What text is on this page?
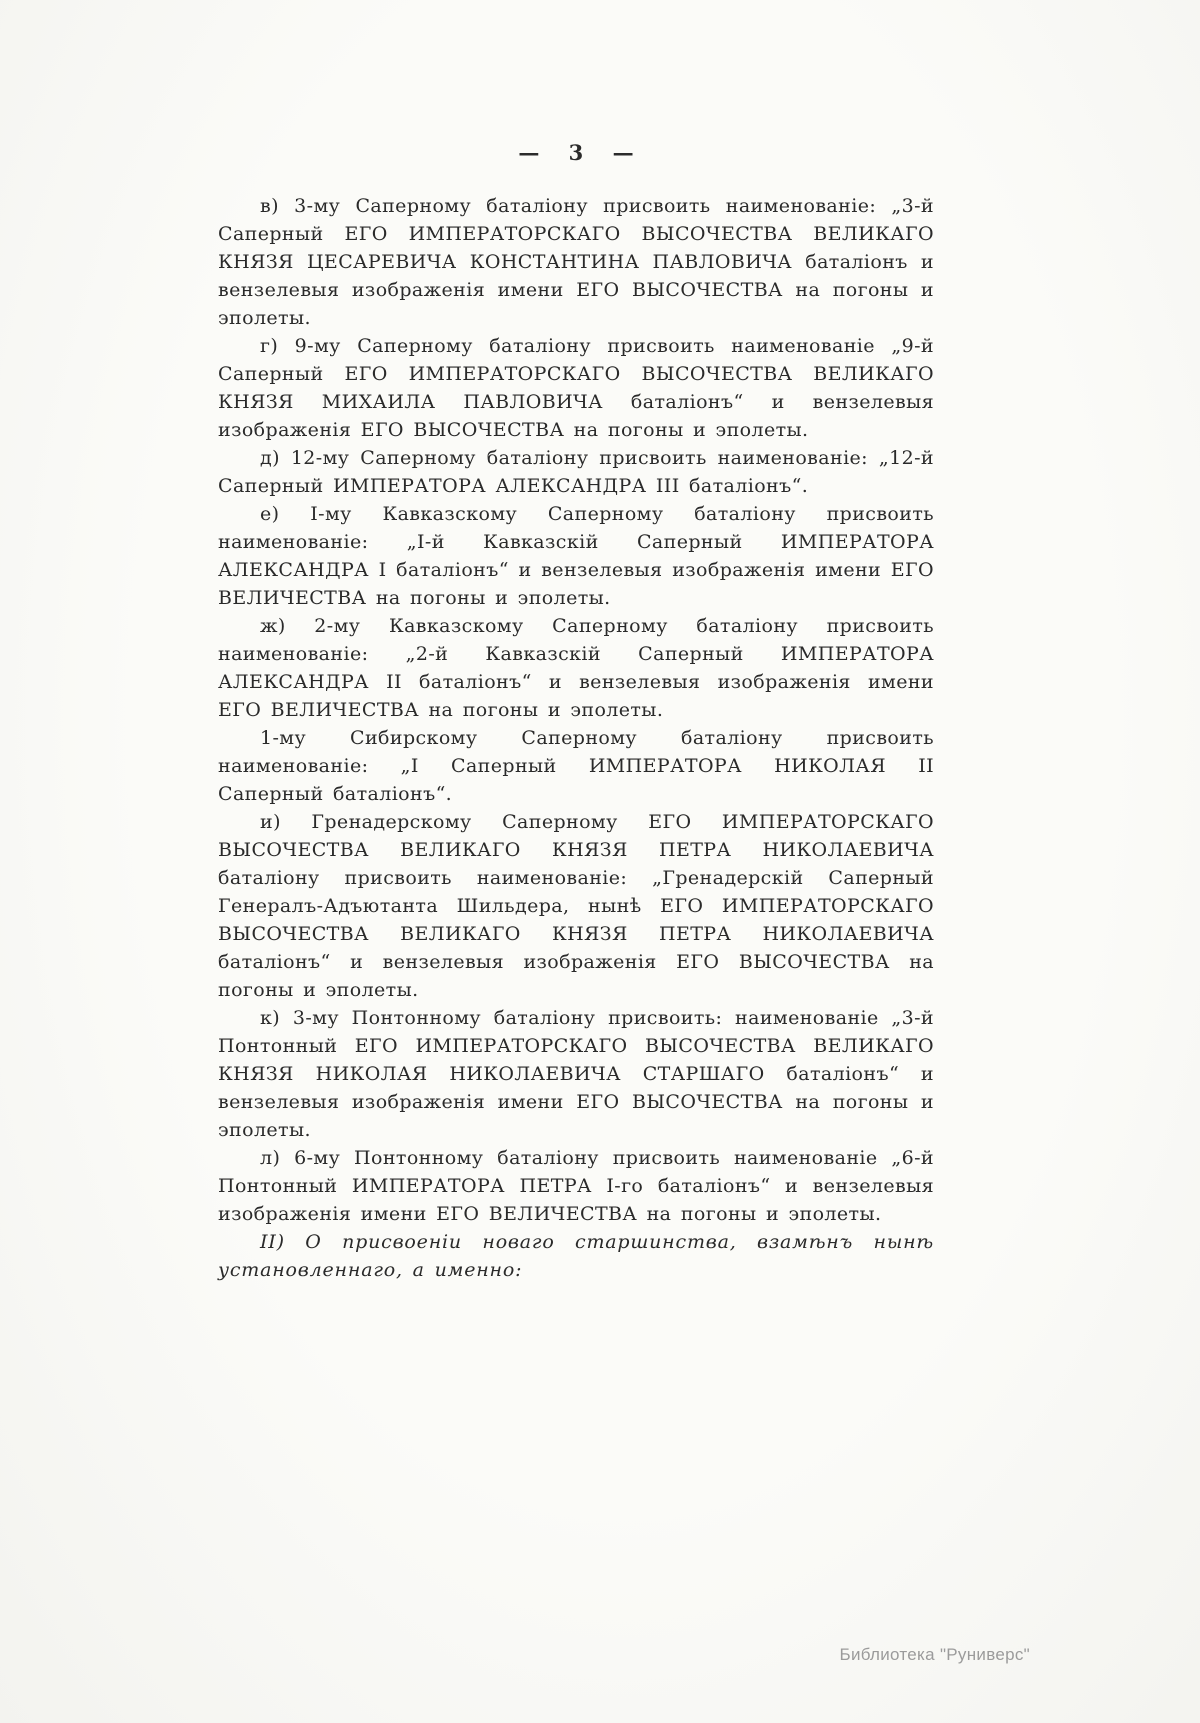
— 3 —

в) 3-му Саперному баталіону присвоить наименованіе: „3-й Саперный ЕГО ИМПЕРАТОРСКАГО ВЫСОЧЕСТВА ВЕЛИКАГО КНЯЗЯ ЦЕСАРЕВИЧА КОНСТАНТИНА ПАВЛОВИЧА баталіонъ и вензелевыя изображенія имени ЕГО ВЫСОЧЕСТВА на погоны и эполеты.

г) 9-му Саперному баталіону присвоить наименованіе „9-й Саперный ЕГО ИМПЕРАТОРСКАГО ВЫСОЧЕСТВА ВЕЛИКАГО КНЯЗЯ МИХАИЛА ПАВЛОВИЧА баталіонъ“ и вензелевыя изображенія ЕГО ВЫСОЧЕСТВА на погоны и эполеты.

д) 12-му Саперному баталіону присвоить наименованіе: „12-й Саперный ИМПЕРАТОРА АЛЕКСАНДРА III баталіонъ“.

е) I-му Кавказскому Саперному баталіону присвоить наименованіе: „I-й Кавказскій Саперный ИМПЕРАТОРА АЛЕКСАНДРА I баталіонъ“ и вензелевыя изображенія имени ЕГО ВЕЛИЧЕСТВА на погоны и эполеты.

ж) 2-му Кавказскому Саперному баталіону присвоить наименованіе: „2-й Кавказскій Саперный ИМПЕРАТОРА АЛЕКСАНДРА II баталіонъ“ и вензелевыя изображенія имени ЕГО ВЕЛИЧЕСТВА на погоны и эполеты.

1-му Сибирскому Саперному баталіону присвоить наименованіе: „I Саперный ИМПЕРАТОРА НИКОЛАЯ II Саперный баталіонъ“.

и) Гренадерскому Саперному ЕГО ИМПЕРАТОРСКАГО ВЫСОЧЕСТВА ВЕЛИКАГО КНЯЗЯ ПЕТРА НИКОЛАЕВИЧА баталіону присвоить наименованіе: „Гренадерскій Саперный Генералъ-Адъютанта Шильдера, нынѣ ЕГО ИМПЕРАТОРСКАГО ВЫСОЧЕСТВА ВЕЛИКАГО КНЯЗЯ ПЕТРА НИКОЛАЕВИЧА баталіонъ“ и вензелевыя изображенія ЕГО ВЫСОЧЕСТВА на погоны и эполеты.

к) 3-му Понтонному баталіону присвоить: наименованіе „3-й Понтонный ЕГО ИМПЕРАТОРСКАГО ВЫСОЧЕСТВА ВЕЛИКАГО КНЯЗЯ НИКОЛАЯ НИКОЛАЕВИЧА СТАРШАГО баталіонъ“ и вензелевыя изображенія имени ЕГО ВЫСОЧЕСТВА на погоны и эполеты.

л) 6-му Понтонному баталіону присвоить наименованіе „6-й Понтонный ИМПЕРАТОРА ПЕТРА I-го баталіонъ“ и вензелевыя изображенія имени ЕГО ВЕЛИЧЕСТВА на погоны и эполеты.

II) О присвоеніи новаго старшинства, взамѣнъ нынѣ установленнаго, а именно:

Библиотека "Руниверс"
